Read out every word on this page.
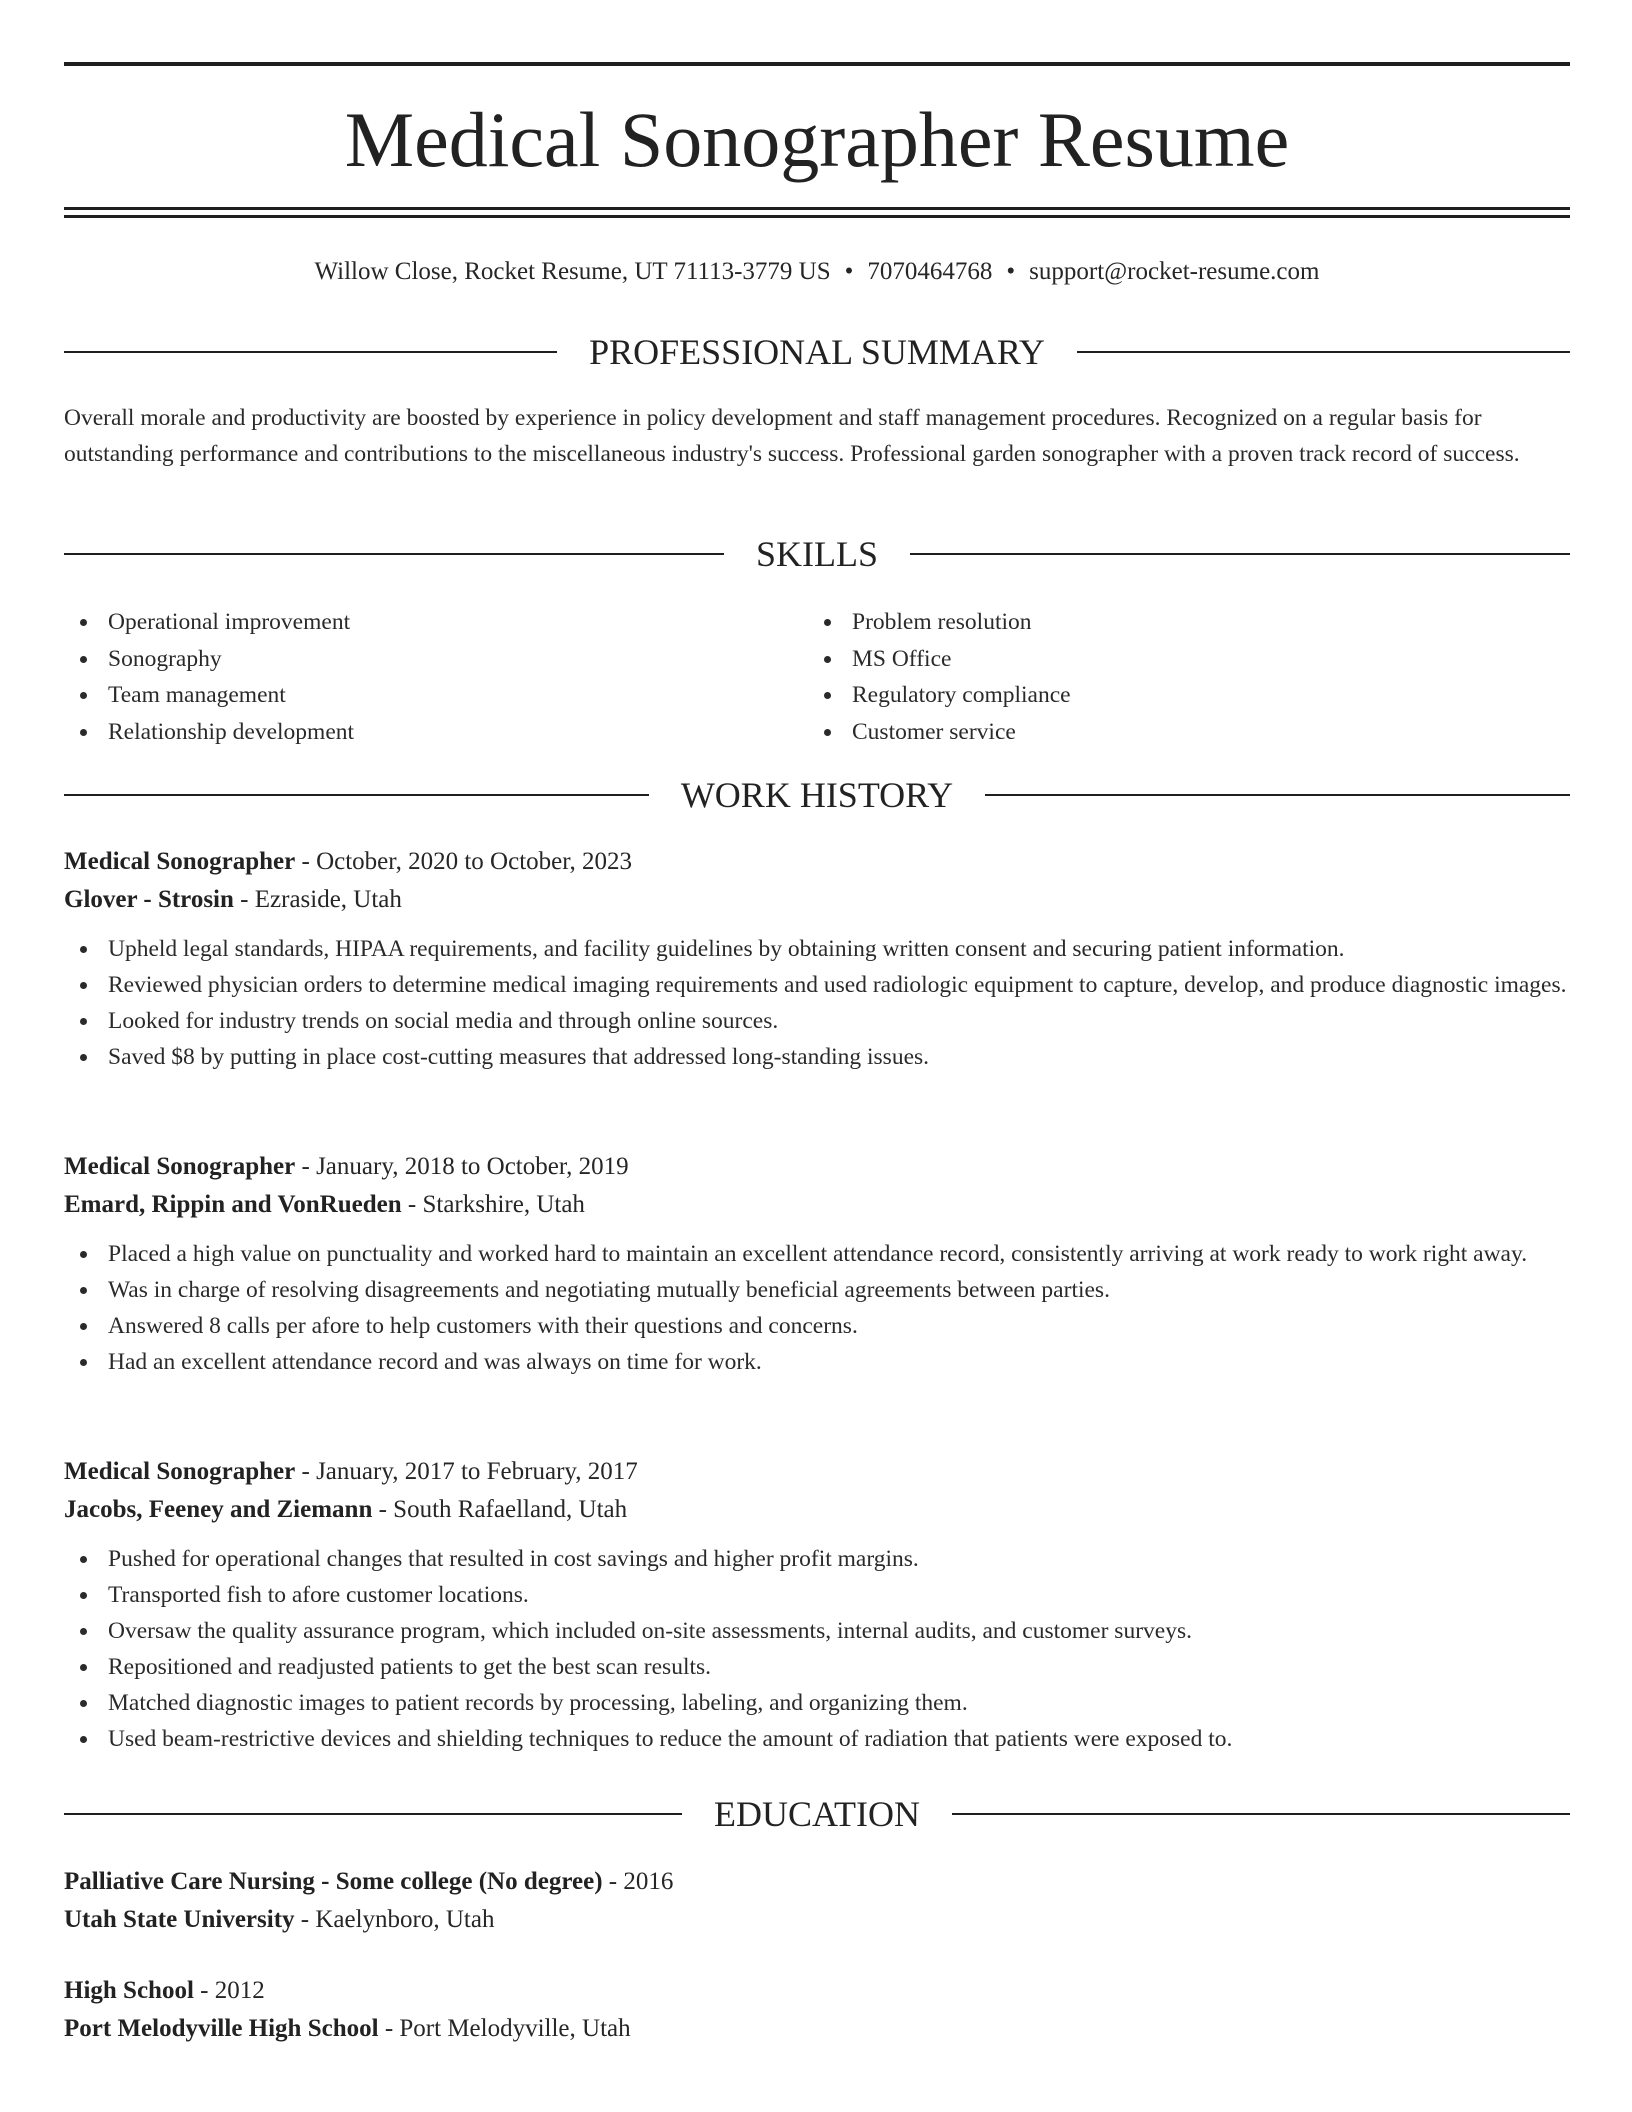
Medical Sonographer Resume
Willow Close, Rocket Resume, UT 71113-3779 US • 7070464768 • support@rocket-resume.com
PROFESSIONAL SUMMARY

Overall morale and productivity are boosted by experience in policy development and staff management procedures. Recognized on a regular basis for outstanding performance and contributions to the miscellaneous industry's success. Professional garden sonographer with a proven track record of success.

SKILLS
Operational improvement
Sonography
Team management
Relationship development
Problem resolution
MS Office
Regulatory compliance
Customer service
WORK HISTORY
Medical Sonographer - October, 2020 to October, 2023
Glover - Strosin - Ezraside, Utah
Upheld legal standards, HIPAA requirements, and facility guidelines by obtaining written consent and securing patient information.
Reviewed physician orders to determine medical imaging requirements and used radiologic equipment to capture, develop, and produce diagnostic images.
Looked for industry trends on social media and through online sources.
Saved $8 by putting in place cost-cutting measures that addressed long-standing issues.
Medical Sonographer - January, 2018 to October, 2019
Emard, Rippin and VonRueden - Starkshire, Utah
Placed a high value on punctuality and worked hard to maintain an excellent attendance record, consistently arriving at work ready to work right away.
Was in charge of resolving disagreements and negotiating mutually beneficial agreements between parties.
Answered 8 calls per afore to help customers with their questions and concerns.
Had an excellent attendance record and was always on time for work.
Medical Sonographer - January, 2017 to February, 2017
Jacobs, Feeney and Ziemann - South Rafaelland, Utah
Pushed for operational changes that resulted in cost savings and higher profit margins.
Transported fish to afore customer locations.
Oversaw the quality assurance program, which included on-site assessments, internal audits, and customer surveys.
Repositioned and readjusted patients to get the best scan results.
Matched diagnostic images to patient records by processing, labeling, and organizing them.
Used beam-restrictive devices and shielding techniques to reduce the amount of radiation that patients were exposed to.
EDUCATION
Palliative Care Nursing - Some college (No degree) - 2016
Utah State University - Kaelynboro, Utah
High School - 2012
Port Melodyville High School - Port Melodyville, Utah
